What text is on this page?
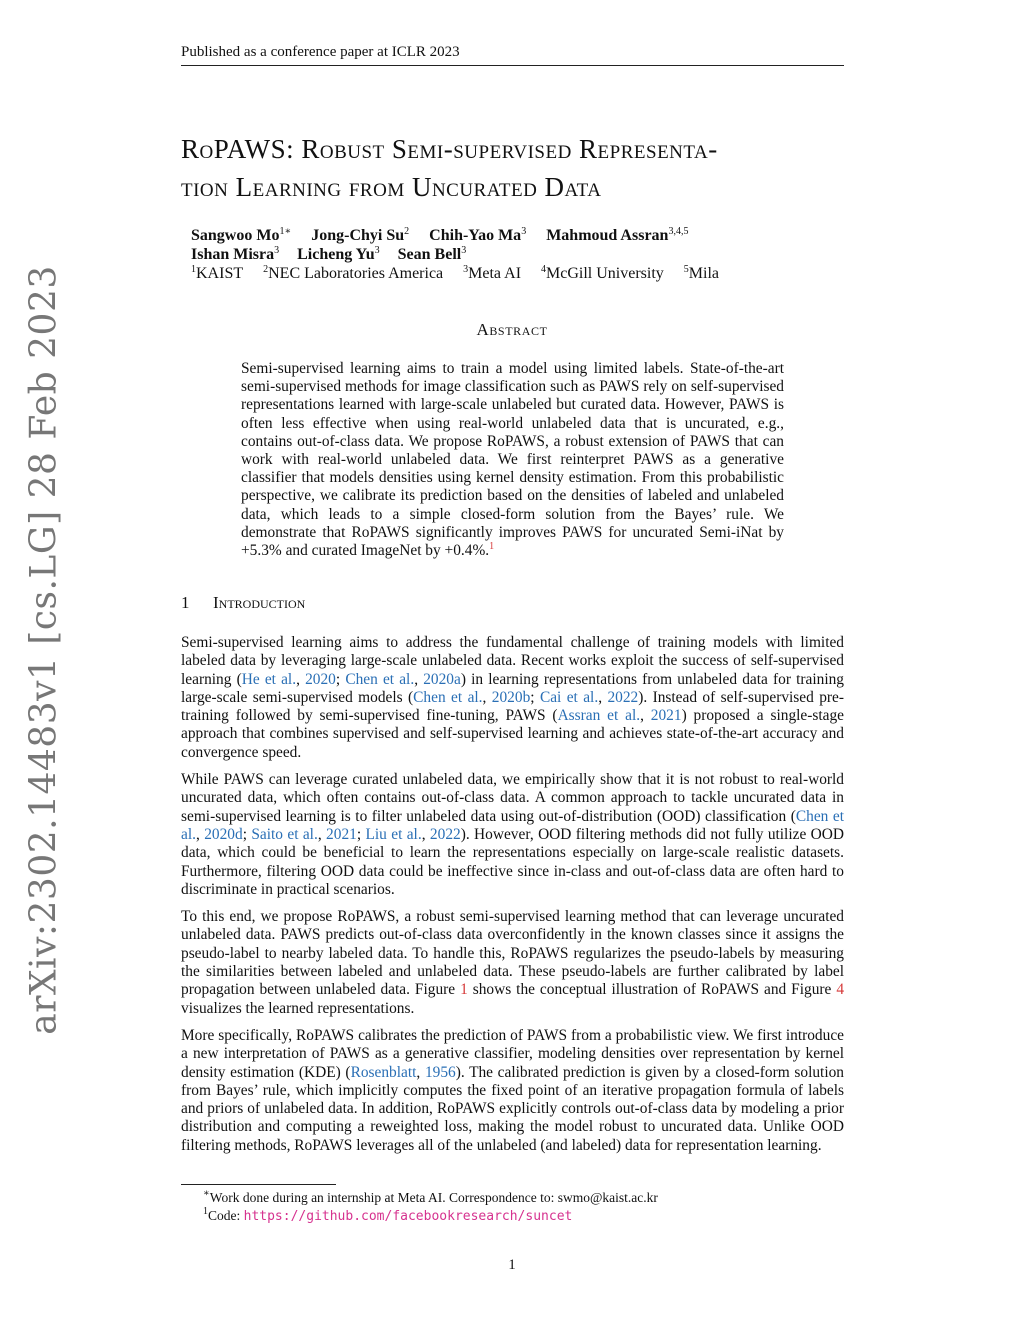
Published as a conference paper at ICLR 2023
arXiv:2302.14483v1 [cs.LG] 28 Feb 2023
RoPAWS: Robust Semi-supervised Representa-
tion Learning from Uncurated Data
Sangwoo $Mo^{1∗}$ Jong-Chyi Su$^2$ Chih-Yao Ma$^3$ Mahmoud Assran$^{3,4,5}$
Ishan Misra$^3$ Licheng Yu$^3$ Sean Bell$^3$
$^1$KAIST $^2$NEC Laboratories America $^3$Meta AI $^4$McGill University $^5$Mila
Abstract
Semi-supervised learning aims to train a model using limited labels. State-of-the-art semi-supervised methods for image classification such as PAWS rely on self-supervised representations learned with large-scale unlabeled but curated data. However, PAWS is often less effective when using real-world unlabeled data that is uncurated, e.g., contains out-of-class data. We propose RoPAWS, a robust extension of PAWS that can work with real-world unlabeled data. We first reinterpret PAWS as a generative classifier that models densities using kernel density estimation. From this probabilistic perspective, we calibrate its prediction based on the densities of labeled and unlabeled data, which leads to a simple closed-form solution from the Bayes’ rule. We demonstrate that RoPAWS significantly improves PAWS for uncurated Semi-iNat by +5.3% and curated ImageNet by +0.4%.$^1$
1 Introduction

Semi-supervised learning aims to address the fundamental challenge of training models with limited labeled data by leveraging large-scale unlabeled data. Recent works exploit the success of self-supervised learning (He et al., 2020; Chen et al., 2020a) in learning representations from unlabeled data for training large-scale semi-supervised models (Chen et al., 2020b; Cai et al., 2022). Instead of self-supervised pre-training followed by semi-supervised fine-tuning, PAWS (Assran et al., 2021) proposed a single-stage approach that combines supervised and self-supervised learning and achieves state-of-the-art accuracy and convergence speed.

While PAWS can leverage curated unlabeled data, we empirically show that it is not robust to real-world uncurated data, which often contains out-of-class data. A common approach to tackle uncurated data in semi-supervised learning is to filter unlabeled data using out-of-distribution (OOD) classification (Chen et al., 2020d; Saito et al., 2021; Liu et al., 2022). However, OOD filtering methods did not fully utilize OOD data, which could be beneficial to learn the representations especially on large-scale realistic datasets. Furthermore, filtering OOD data could be ineffective since in-class and out-of-class data are often hard to discriminate in practical scenarios.

To this end, we propose RoPAWS, a robust semi-supervised learning method that can leverage uncurated unlabeled data. PAWS predicts out-of-class data overconfidently in the known classes since it assigns the pseudo-label to nearby labeled data. To handle this, RoPAWS regularizes the pseudo-labels by measuring the similarities between labeled and unlabeled data. These pseudo-labels are further calibrated by label propagation between unlabeled data. Figure 1 shows the conceptual illustration of RoPAWS and Figure 4 visualizes the learned representations.

More specifically, RoPAWS calibrates the prediction of PAWS from a probabilistic view. We first introduce a new interpretation of PAWS as a generative classifier, modeling densities over representation by kernel density estimation (KDE) (Rosenblatt, 1956). The calibrated prediction is given by a closed-form solution from Bayes’ rule, which implicitly computes the fixed point of an iterative propagation formula of labels and priors of unlabeled data. In addition, RoPAWS explicitly controls out-of-class data by modeling a prior distribution and computing a reweighted loss, making the model robust to uncurated data. Unlike OOD filtering methods, RoPAWS leverages all of the unlabeled (and labeled) data for representation learning.

∗Work done during an internship at Meta AI. Correspondence to: swmo@kaist.ac.kr
$^1$Code: https://github.com/facebookresearch/suncet
1
